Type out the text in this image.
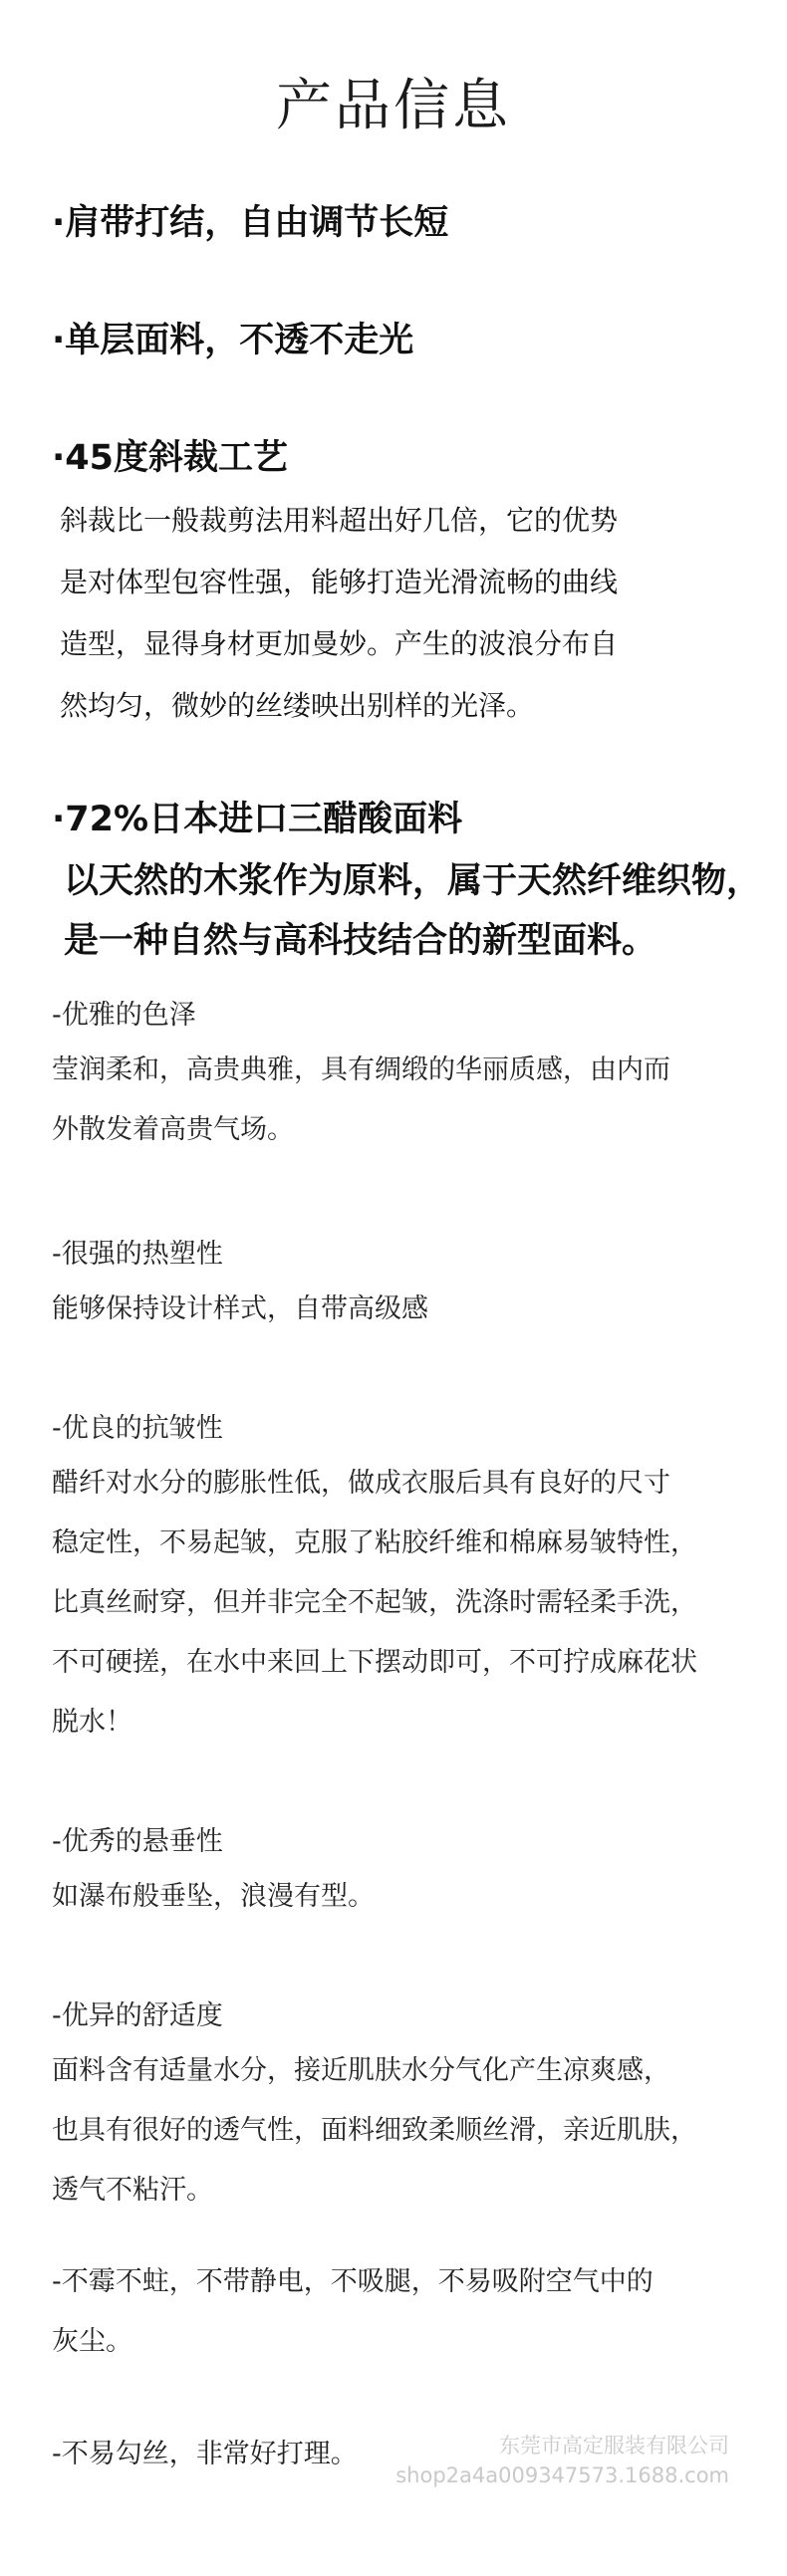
产品信息
·肩带打结，自由调节长短
·单层面料，不透不走光
·45度斜裁工艺
斜裁比一般裁剪法用料超出好几倍，它的优势
是对体型包容性强，能够打造光滑流畅的曲线
造型，显得身材更加曼妙。产生的波浪分布自
然均匀，微妙的丝缕映出别样的光泽。
·72%日本进口三醋酸面料
以天然的木浆作为原料，属于天然纤维织物，
是一种自然与高科技结合的新型面料。
-优雅的色泽
莹润柔和，高贵典雅，具有绸缎的华丽质感，由内而
外散发着高贵气场。
-很强的热塑性
能够保持设计样式，自带高级感
-优良的抗皱性
醋纤对水分的膨胀性低，做成衣服后具有良好的尺寸
稳定性，不易起皱，克服了粘胶纤维和棉麻易皱特性，
比真丝耐穿，但并非完全不起皱，洗涤时需轻柔手洗，
不可硬搓，在水中来回上下摆动即可，不可拧成麻花状
脱水！
-优秀的悬垂性
如瀑布般垂坠，浪漫有型。
-优异的舒适度
面料含有适量水分，接近肌肤水分气化产生凉爽感，
也具有很好的透气性，面料细致柔顺丝滑，亲近肌肤，
透气不粘汗。
-不霉不蛀，不带静电，不吸腿，不易吸附空气中的
灰尘。
-不易勾丝，非常好打理。	东莞市高定服装有限公司
shop2a4a009347573.1688.com
